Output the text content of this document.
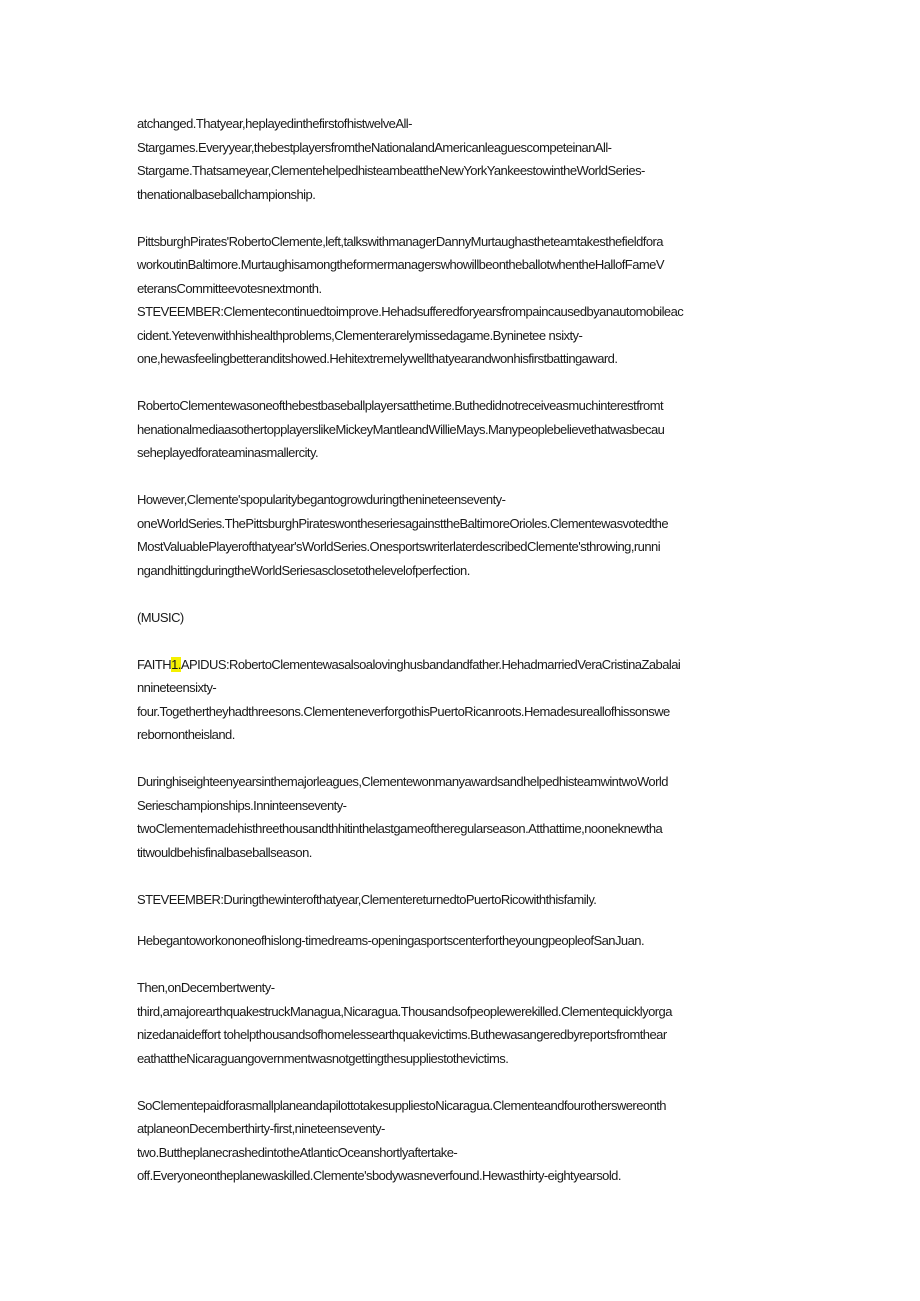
atchanged.Thatyear,heplayedinthefirstofhistwelveAll-
Stargames.Everyyear,thebestplayersfromtheNationalandAmericanleaguescompeteinanAll-
Stargame.Thatsameyear,ClementehelpedhisteambeattheNewYorkYankeestowintheWorldSeries-
thenationalbaseballchampionship.

PittsburghPirates'RobertoClemente,left,talkswithmanagerDannyMurtaughastheteamtakesthefieldfora
workoutinBaltimore.MurtaughisamongtheformermanagerswhowillbeontheballotwhentheHallofFameV
eteransCommitteevotesnextmonth.

STEVEEMBER:Clementecontinuedtoimprove.Hehadsufferedforyearsfrompaincausedbyanautomobileac
cident.Yetevenwithhishealthproblems,Clementerarelymissedagame.Byninetee nsixty-
one,hewasfeelingbetteranditshowed.Hehitextremelywellthatyearandwonhisfirstbattingaward.

RobertoClementewasoneofthebestbaseballplayersatthetime.Buthedidnotreceiveasmuchinterestfromt
henationalmediaasothertopplayerslikeMickeyMantleandWillieMays.Manypeoplebelievethatwasbecau
seheplayedforateaminasmallercity.

However,Clemente'spopularitybegantogrowduringthenineteenseventy-
oneWorldSeries.ThePittsburghPirateswontheseriesagainsttheBaltimoreOrioles.Clementewasvotedthe
MostValuablePlayerofthatyear'sWorldSeries.OnesportswriterlaterdescribedClemente'sthrowing,runni
ngandhittingduringtheWorldSeriesasclosetothelevelofperfection.

(MUSIC)

FAITH1.APIDUS:RobertoClementewasalsoalovinghusbandandfather.HehadmarriedVeraCristinaZabalai
nnineteensixty-
four.Togethertheyhadthreesons.ClementeneverforgothisPuertoRicanroots.Hemadesureallofhissonswe
rebornontheisland.

Duringhiseighteenyearsinthemajorleagues,ClementewonmanyawardsandhelpedhisteamwintwoWorld
Serieschampionships.Inninteenseventy-
twoClementemadehisthreethousandthhitinthelastgameoftheregularseason.Atthattime,nooneknewtha
titwouldbehisfinalbaseballseason.

STEVEEMBER:Duringthewinterofthatyear,ClementereturnedtoPuertoRicowiththisfamily.

Hebegantoworkononeofhislong-timedreams-openingasportscenterfortheyoungpeopleofSanJuan.

Then,onDecembertwenty-
third,amajorearthquakestruckManagua,Nicaragua.Thousandsofpeoplewerekilled.Clementequicklyorga
nizedanaideffort tohelpthousandsofhomelessearthquakevictims.Buthewasangeredbyreportsfromthear
eathattheNicaraguangovernmentwasnotgettingthesuppliestothevictims.

SoClementepaidforasmallplaneandapilottotakesuppliestoNicaragua.Clementeandfourotherswereonth
atplaneonDecemberthirty-first,nineteenseventy-
two.ButtheplanecrashedintotheAtlanticOceanshortlyaftertake-
off.Everyoneontheplanewaskilled.Clemente'sbodywasneverfound.Hewasthirty-eightyearsold.
